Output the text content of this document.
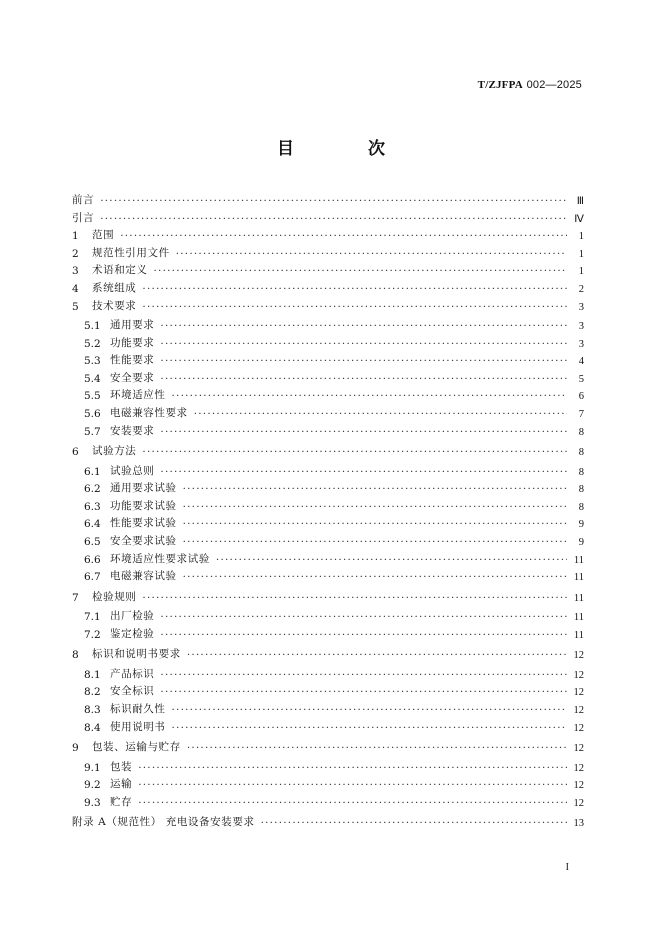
T/ZJFPA 002—2025
目 次
前言 ·····	Ⅲ
引言 ·····	Ⅳ
1	范围 ·····	1
2	规范性引用文件 ·····	1
3	术语和定义 ·····	1
4	系统组成 ·····	2
5	技术要求 ·····	3
5.1 通用要求 ·····	3
5.2 功能要求 ·····	3
5.3 性能要求 ·····	4
5.4 安全要求 ·····	5
5.5 环境适应性 ·····	6
5.6 电磁兼容性要求 ·····	7
5.7 安装要求 ·····	8
6	试验方法 ·····	8
6.1 试验总则 ·····	8
6.2 通用要求试验 ·····	8
6.3 功能要求试验 ·····	8
6.4 性能要求试验 ·····	9
6.5 安全要求试验 ·····	9
6.6 环境适应性要求试验 ·····	11
6.7 电磁兼容试验 ·····	11
7	检验规则 ·····	11
7.1 出厂检验 ·····	11
7.2 鉴定检验 ·····	11
8	标识和说明书要求 ·····	12
8.1 产品标识 ·····	12
8.2 安全标识 ·····	12
8.3 标识耐久性 ·····	12
8.4 使用说明书 ·····	12
9	包装、运输与贮存 ·····	12
9.1 包装 ·····	12
9.2 运输 ·····	12
9.3 贮存 ·····	12
附录 A（规范性） 充电设备安装要求 ·····	13
I
